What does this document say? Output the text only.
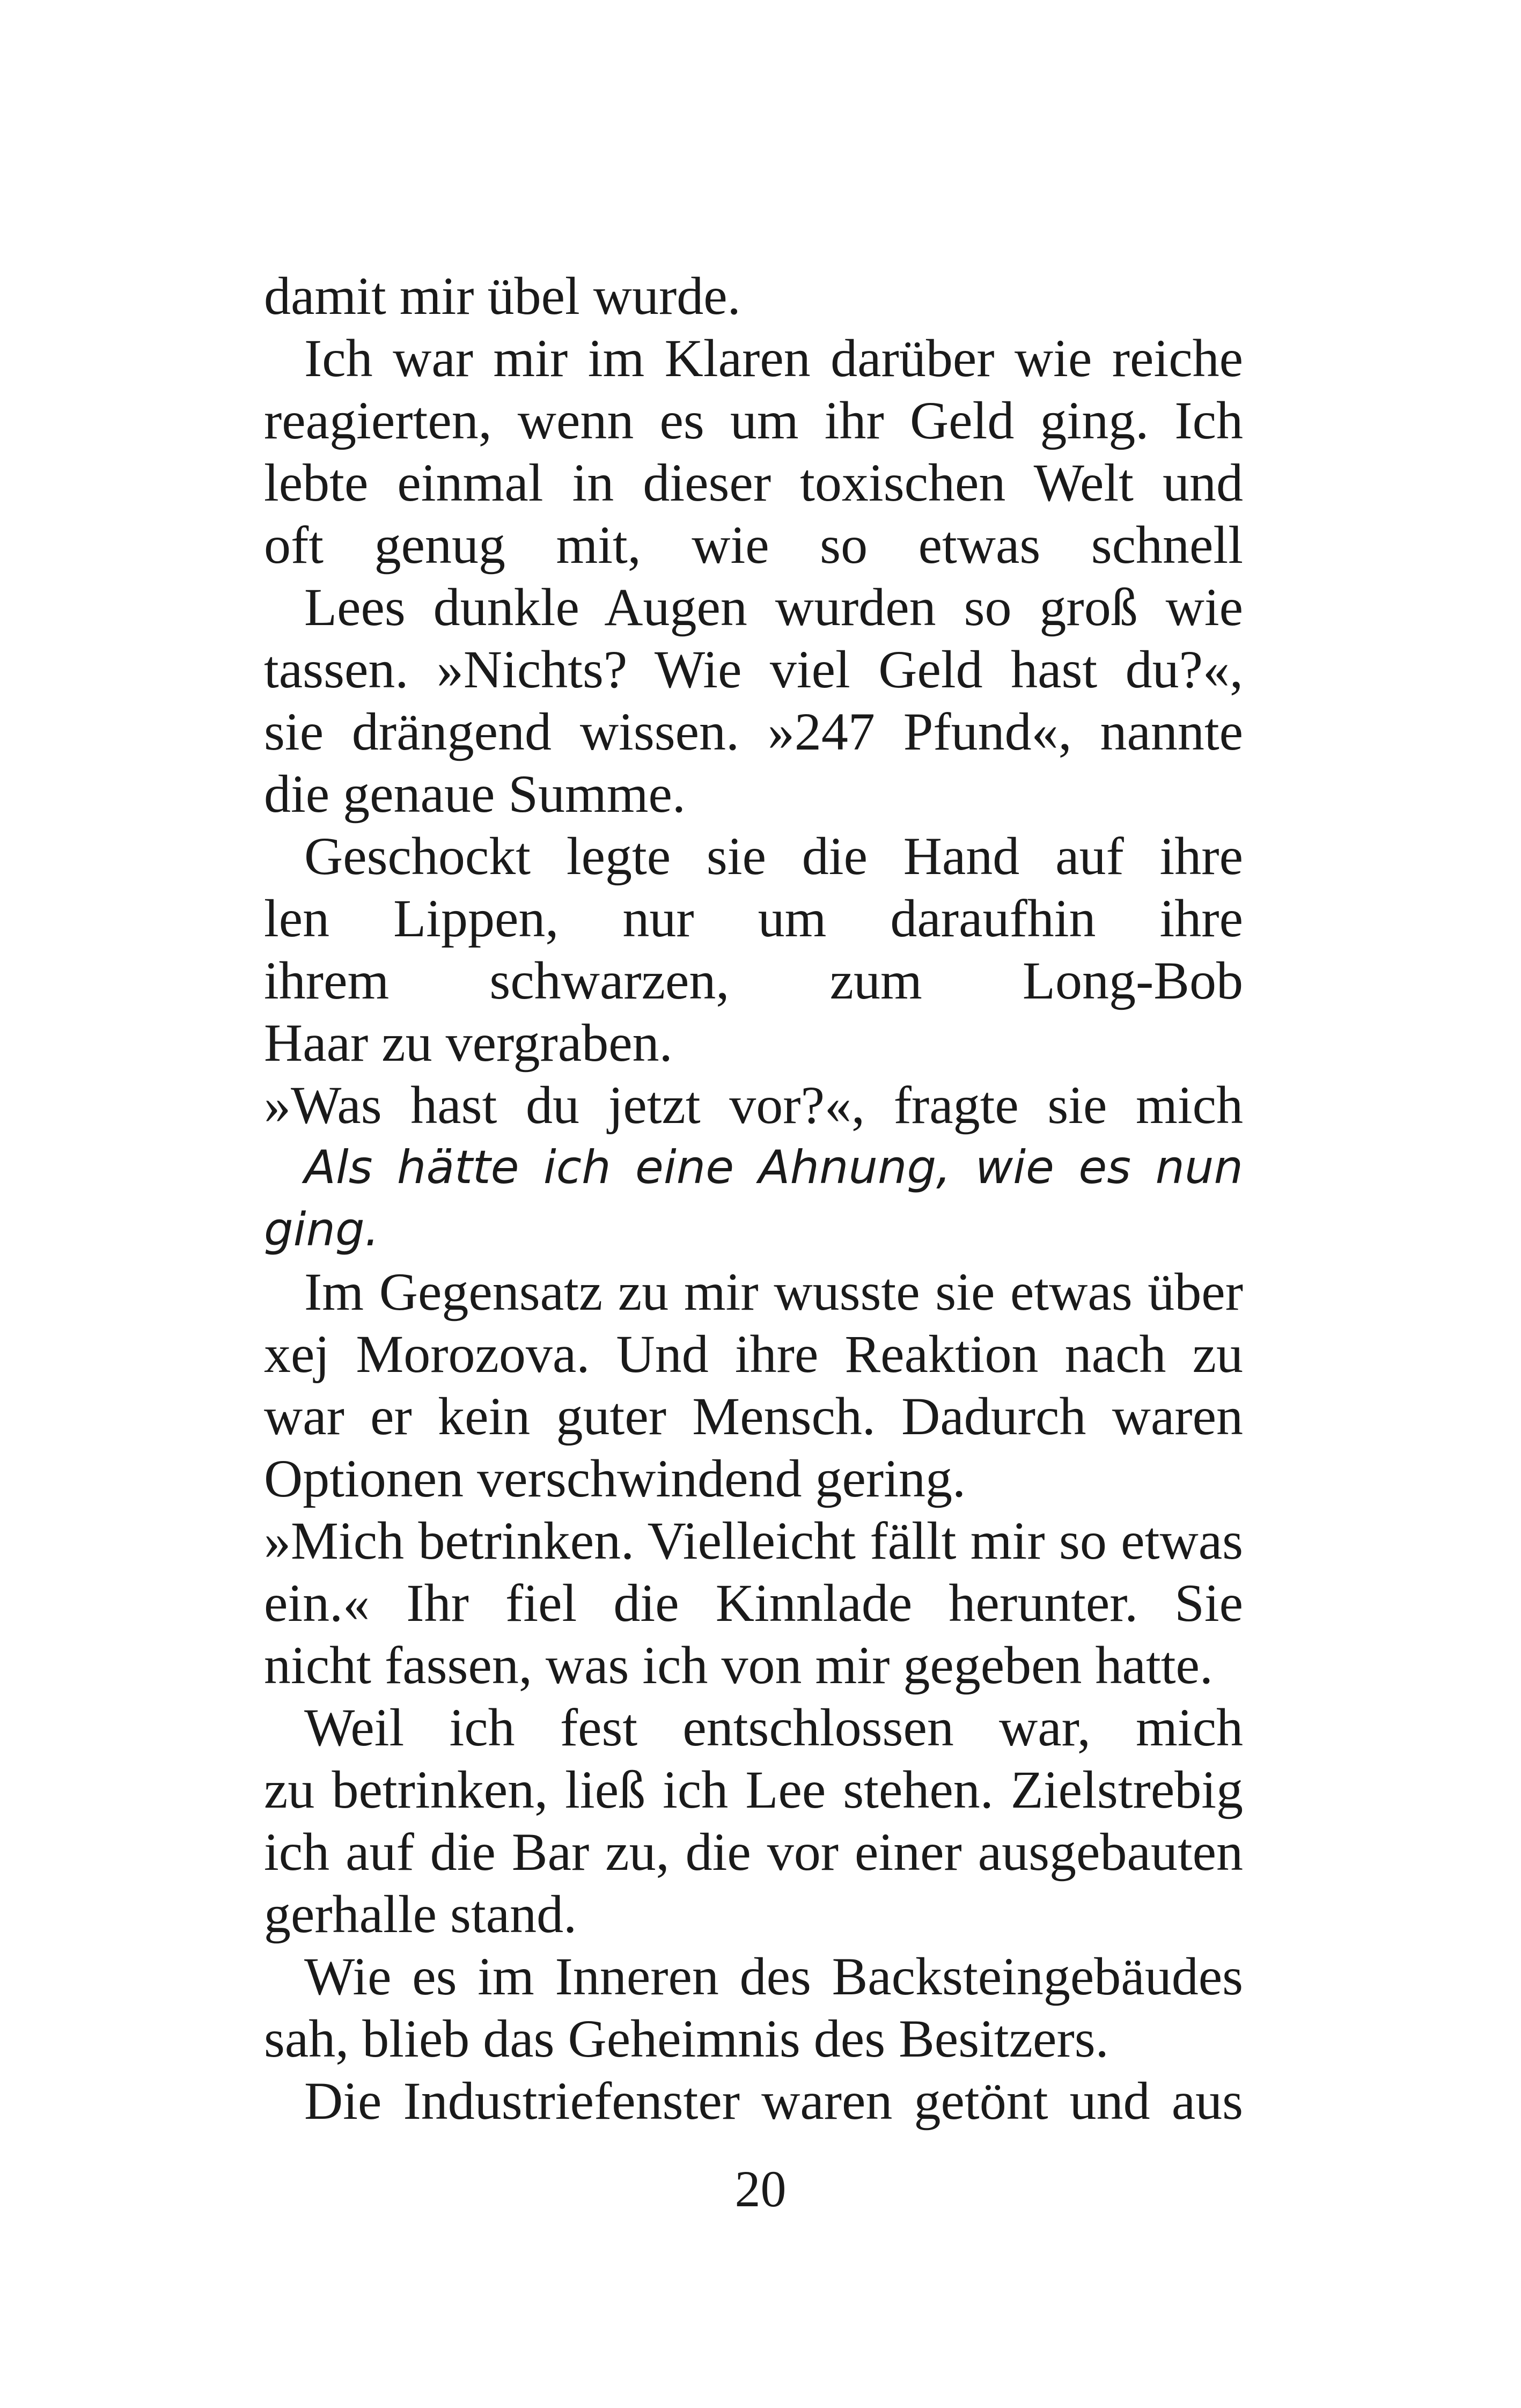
damit mir übel wurde.
Ich war mir im Klaren darüber wie reiche
reagierten, wenn es um ihr Geld ging. Ich
lebte einmal in dieser toxischen Welt und
oft genug mit, wie so etwas schnell
Lees dunkle Augen wurden so groß wie
tassen. »Nichts? Wie viel Geld hast du?«,
sie drängend wissen. »247 Pfund«, nannte
die genaue Summe.
Geschockt legte sie die Hand auf ihre
len Lippen, nur um daraufhin ihre
ihrem schwarzen, zum Long-Bob
Haar zu vergraben.
»Was hast du jetzt vor?«, fragte sie mich
Als hätte ich eine Ahnung, wie es nun
ging.
Im Gegensatz zu mir wusste sie etwas über
xej Morozova. Und ihre Reaktion nach zu
war er kein guter Mensch. Dadurch waren
Optionen verschwindend gering.
»Mich betrinken. Vielleicht fällt mir so etwas
ein.« Ihr fiel die Kinnlade herunter. Sie
nicht fassen, was ich von mir gegeben hatte.
Weil ich fest entschlossen war, mich
zu betrinken, ließ ich Lee stehen. Zielstrebig
ich auf die Bar zu, die vor einer ausgebauten
gerhalle stand.
Wie es im Inneren des Backsteingebäudes
sah, blieb das Geheimnis des Besitzers.
Die Industriefenster waren getönt und aus
20
